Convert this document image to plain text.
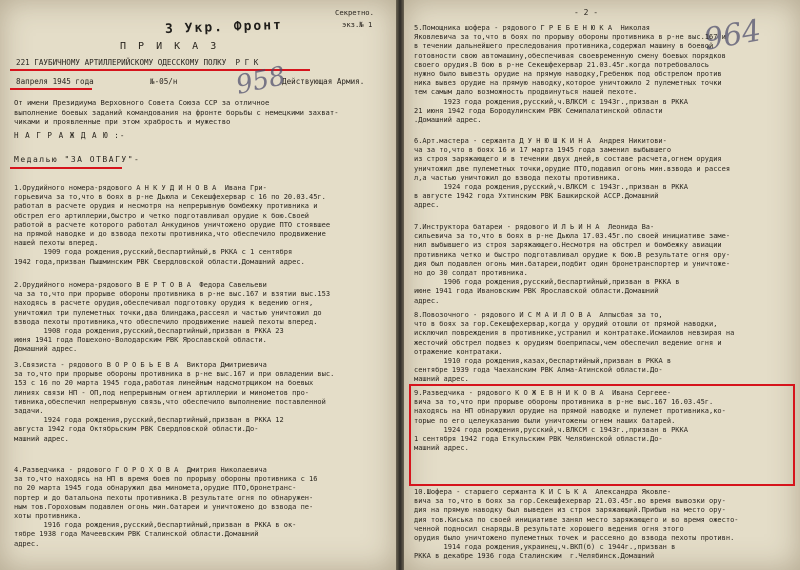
3 Укр. Фронт
Секретно.
экз.№ 1
П Р И К А З
221 ГАУБИЧНОМУ АРТИЛЛЕРИЙСКОМУ ОДЕССКОМУ ПОЛКУ  Р Г К
8апреля 1945 года	№-05/н	Действующая Армия.
958
От имени Президиума Верховного Совета Союза ССР за отличное
выполнение боевых заданий командования на фронте борьбы с немецкими захват-
чиками и проявленные при этом храбрость и мужество
Н А Г Р А Ж Д А Ю :-
Медалью "ЗА ОТВАГУ"-
1.Орудийного номера-рядового А Н К У Д И Н О В А  Ивана Гри-
горьевича за то,что в боях в р-не Дьюла и Секешфехервар с 16 по 20.03.45г.
работал в расчете орудия и несмотря на непрерывную бомбежку противника и
обстрел его артиллерии,быстро и четко подготавливал орудие к бою.Своей
работой в расчете которого работал Анкудинов уничтожено орудие ПТО стоявшее
на прямой наводке и до взвода пехоты противника,что обеспечило продвижение
нашей пехоты вперед.
1909 года рождения,русский,беспартийный,в РККА с 1 сентября
1942 года,призван Пышминским РВК Свердловской области.Домашний адрес.
2.Орудийного номера-рядового В Е Р Т О В А  Федора Савельеви
ча за то,что при прорыве обороны противника в р-не выс.167 и взятии выс.153
находясь в расчете орудия,обеспечивал подготовку орудия к ведению огня,
уничтожил три пулеметных точки,два блиндажа,рассеял и частью уничтожил до
взвода пехоты противника,что обеспечило продвижение нашей пехоты вперед.
1908 года рождения,русский,беспартийный,призван в РККА 23
июня 1941 года Пошехоно-Володарским РВК Ярославской области.
Домашний адрес.
3.Связиста - рядового В О Р О Б Ь Е В А  Виктора Дмитриевича
за то,что при прорыве обороны противника в р-не выс.167 и при овладении выс.
153 с 16 по 20 марта 1945 года,работая линейным надсмотрщиком на боевых
линиях связи НП - ОП,под непрерывным огнем артиллерии и минометов про-
тивника,обеспечил непрерывную связь,что обеспечило выполнение поставленной
задачи.
1924 года рождения,русский,беспартийный,призван в РККА 12
августа 1942 года Октябрьским РВК Свердловской области.До-
машний адрес.
4.Разведчика - рядового Г О Р О Х О В А  Дмитрия Николаевича
за то,что находясь на НП в время боев по прорыву обороны противника с 16
по 20 марта 1945 года обнаружил два миномета,орудие ПТО,бронетранс-
портер и до батальона пехоты противника.В результате огня по обнаружен-
ным тов.Гороховым подавлен огонь мин.батареи и уничтожено до взвода пе-
хоты противника.
1916 года рождения,русский,беспартийный,призван в РККА в ок-
тябре 1938 года Мачеевским РВК Сталинской области.Домашний
адрес.
- 2 -
964
5.Помощника шофера - рядового Г Р Е Б Е Н Ю К А  Николая
Яковлевича за то,что в боях по прорыву обороны противника в р-не выс.167 и
в течении дальнейшего преследования противника,содержал машину в боевой
готовности свою автомашину,обеспечивая своевременную смену боевых порядков
своего орудия.В бою в р-не Секешфехервар 21.03.45г.когда потребовалось
нужно было вывезть орудие на прямую наводку,Гребенюк под обстрелом против
ника вывез орудие на прямую наводку,которое уничтожило 2 пулеметных точки
тем самым дало возможность продвинуться нашей пехоте.
1923 года рождения,русский,ч.ВЛКСМ с 1943г.,призван в РККА
21 июня 1942 года Бородулинским РВК Семипалатинской области
.Домашний адрес.
6.Арт.мастера - сержанта Д У Н Ю Ш К И Н А  Андрея Никитови-
ча за то,что в боях 16 и 17 марта 1945 года заменил выбывшего
из строя заряжающего и в течении двух дней,в составе расчета,огнем орудия
уничтожил две пулеметных точки,орудие ПТО,подавил огонь мин.взвода и рассея
л,а частью уничтожил до взвода пехоты противника.
1924 года рождения,русский,ч.ВЛКСМ с 1943г.,призван в РККА
в августе 1942 года Ухтинским РВК Башкирской АССР.Домашний
адрес.
7.Инструктора батареи - рядового И Л Ь И Н А  Леонида Ва-
сильевича за то,что в боях в р-не Дьюла 17.03.45г.по своей инициативе заме-
нил выбывшего из строя заряжающего.Несмотря на обстрел и бомбежку авиации
противника четко и быстро подготавливал орудие к бою.В результате огня ору-
дия был подавлен огонь мин.батареи,подбит один бронетранспортер и уничтоже-
но до 30 солдат противника.
1906 года рождения,русский,беспартийный,призван в РККА в
июне 1941 года Ивановским РВК Ярославской области.Домашний
адрес.
8.Повозочного - рядового И С М А И Л О В А  Алпысбая за то,
что в боях за гор.Секешфехервар,когда у орудий отошли от прямой наводки,
исключил повреждения в противнике,устранил и контратаке.Исмаилов невзирая на
жесточий обстрел подвез к орудиям боеприпасы,чем обеспечил ведение огня и
отражение контратаки.
1910 года рождения,казах,беспартийный,призван в РККА в
сентябре 1939 года Чаеханским РВК Алма-Атинской области.До-
машний адрес.
9.Разведчика - рядового К О Ж Е В Н И К О В А  Ивана Сергеее-
вича за то,что при прорыве обороны противника в р-не выс.167 16.03.45г.
находясь на НП обнаружил орудие на прямой наводке и пулемет противника,ко-
торые по его целеуказанию были уничтожены огнем наших батарей.
1924 года рождения,русский,ч.ВЛКСМ с 1943г.,призван в РККА
1 сентября 1942 года Еткульским РВК Челябинской области.До-
машний адрес.
10.Шофера - старшего сержанта К И С Ь К А  Александра Яковле-
вича за то,что в боях за гор.Секешфехервар 21.03.45г.во время вывозки ору-
дия на прямую наводку был выведен из строя заряжающий.Прибыв на место ору-
дия тов.Киська по своей инициативе занял место заряжающего и во время ожесто-
ченной подносил снаряды.В результате хорошего ведения огня этого
орудия было уничтожено пулеметных точек и рассеяно до взвода пехоты противн.
1914 года рождения,украинец,ч.ВКП(б) с 1944г.,призван в
РККА в декабре 1936 года Сталинским  г.Челябинск.Домашний
